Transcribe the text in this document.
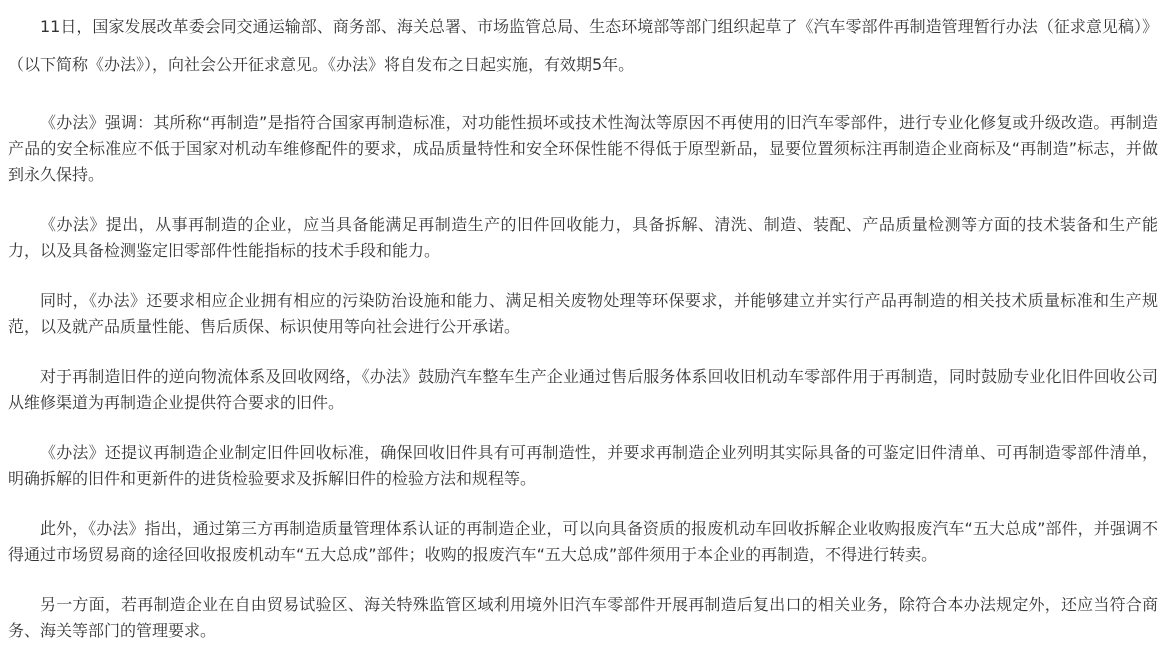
11日，国家发展改革委会同交通运输部、商务部、海关总署、市场监管总局、生态环境部等部门组织起草了《汽车零部件再制造管理暂行办法（征求意见稿）》（以下简称《办法》），向社会公开征求意见。《办法》将自发布之日起实施，有效期5年。

《办法》强调：其所称“再制造”是指符合国家再制造标准，对功能性损坏或技术性淘汰等原因不再使用的旧汽车零部件，进行专业化修复或升级改造。再制造产品的安全标准应不低于国家对机动车维修配件的要求，成品质量特性和安全环保性能不得低于原型新品，显要位置须标注再制造企业商标及“再制造”标志，并做到永久保持。

《办法》提出，从事再制造的企业，应当具备能满足再制造生产的旧件回收能力，具备拆解、清洗、制造、装配、产品质量检测等方面的技术装备和生产能力，以及具备检测鉴定旧零部件性能指标的技术手段和能力。

同时，《办法》还要求相应企业拥有相应的污染防治设施和能力、满足相关废物处理等环保要求，并能够建立并实行产品再制造的相关技术质量标准和生产规范，以及就产品质量性能、售后质保、标识使用等向社会进行公开承诺。

对于再制造旧件的逆向物流体系及回收网络，《办法》鼓励汽车整车生产企业通过售后服务体系回收旧机动车零部件用于再制造，同时鼓励专业化旧件回收公司从维修渠道为再制造企业提供符合要求的旧件。

《办法》还提议再制造企业制定旧件回收标准，确保回收旧件具有可再制造性，并要求再制造企业列明其实际具备的可鉴定旧件清单、可再制造零部件清单，明确拆解的旧件和更新件的进货检验要求及拆解旧件的检验方法和规程等。

此外，《办法》指出，通过第三方再制造质量管理体系认证的再制造企业，可以向具备资质的报废机动车回收拆解企业收购报废汽车“五大总成”部件，并强调不得通过市场贸易商的途径回收报废机动车“五大总成”部件；收购的报废汽车“五大总成”部件须用于本企业的再制造，不得进行转卖。

另一方面，若再制造企业在自由贸易试验区、海关特殊监管区域利用境外旧汽车零部件开展再制造后复出口的相关业务，除符合本办法规定外，还应当符合商务、海关等部门的管理要求。
